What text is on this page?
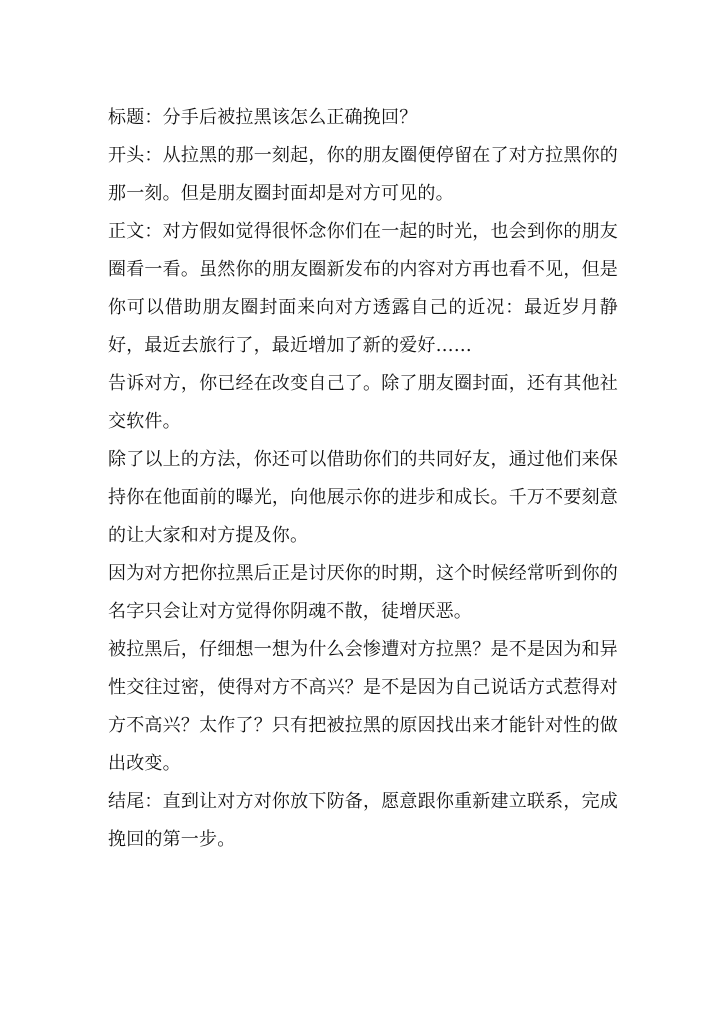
标题：分手后被拉黑该怎么正确挽回？

开头：从拉黑的那一刻起，你的朋友圈便停留在了对方拉黑你的那一刻。但是朋友圈封面却是对方可见的。

正文：对方假如觉得很怀念你们在一起的时光，也会到你的朋友圈看一看。虽然你的朋友圈新发布的内容对方再也看不见，但是你可以借助朋友圈封面来向对方透露自己的近况：最近岁月静好，最近去旅行了，最近增加了新的爱好……

告诉对方，你已经在改变自己了。除了朋友圈封面，还有其他社交软件。

除了以上的方法，你还可以借助你们的共同好友，通过他们来保持你在他面前的曝光，向他展示你的进步和成长。千万不要刻意的让大家和对方提及你。

因为对方把你拉黑后正是讨厌你的时期，这个时候经常听到你的名字只会让对方觉得你阴魂不散，徒增厌恶。

被拉黑后，仔细想一想为什么会惨遭对方拉黑？是不是因为和异性交往过密，使得对方不高兴？是不是因为自己说话方式惹得对方不高兴？太作了？只有把被拉黑的原因找出来才能针对性的做出改变。

结尾：直到让对方对你放下防备，愿意跟你重新建立联系，完成挽回的第一步。
